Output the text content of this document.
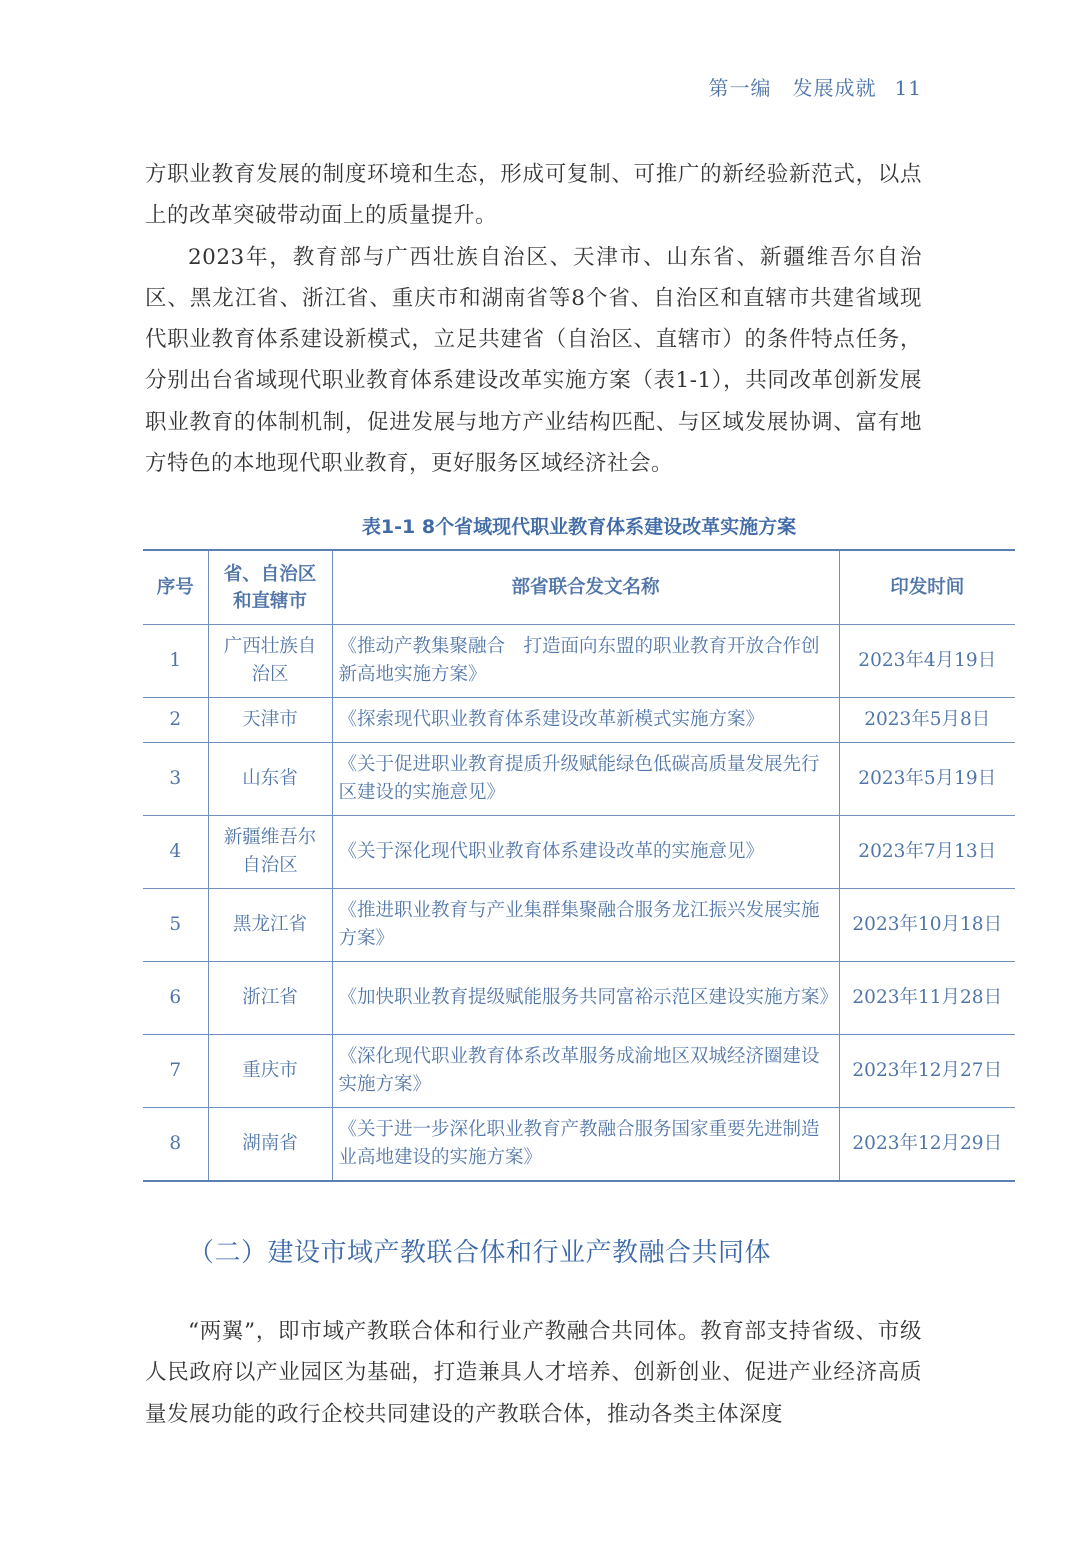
第一编　发展成就 11

方职业教育发展的制度环境和生态，形成可复制、可推广的新经验新范式，以点上的改革突破带动面上的质量提升。

2023年，教育部与广西壮族自治区、天津市、山东省、新疆维吾尔自治区、黑龙江省、浙江省、重庆市和湖南省等8个省、自治区和直辖市共建省域现代职业教育体系建设新模式，立足共建省（自治区、直辖市）的条件特点任务，分别出台省域现代职业教育体系建设改革实施方案（表1-1），共同改革创新发展职业教育的体制机制，促进发展与地方产业结构匹配、与区域发展协调、富有地方特色的本地现代职业教育，更好服务区域经济社会。

表1-1 8个省域现代职业教育体系建设改革实施方案
序号	省、自治区和直辖市	部省联合发文名称	印发时间
1	广西壮族自治区	《推动产教集聚融合　打造面向东盟的职业教育开放合作创新高地实施方案》	2023年4月19日
2	天津市	《探索现代职业教育体系建设改革新模式实施方案》	2023年5月8日
3	山东省	《关于促进职业教育提质升级赋能绿色低碳高质量发展先行区建设的实施意见》	2023年5月19日
4	新疆维吾尔自治区	《关于深化现代职业教育体系建设改革的实施意见》	2023年7月13日
5	黑龙江省	《推进职业教育与产业集群集聚融合服务龙江振兴发展实施方案》	2023年10月18日
6	浙江省	《加快职业教育提级赋能服务共同富裕示范区建设实施方案》	2023年11月28日
7	重庆市	《深化现代职业教育体系改革服务成渝地区双城经济圈建设实施方案》	2023年12月27日
8	湖南省	《关于进一步深化职业教育产教融合服务国家重要先进制造业高地建设的实施方案》	2023年12月29日
（二）建设市域产教联合体和行业产教融合共同体

“两翼”，即市域产教联合体和行业产教融合共同体。教育部支持省级、市级人民政府以产业园区为基础，打造兼具人才培养、创新创业、促进产业经济高质量发展功能的政行企校共同建设的产教联合体，推动各类主体深度
